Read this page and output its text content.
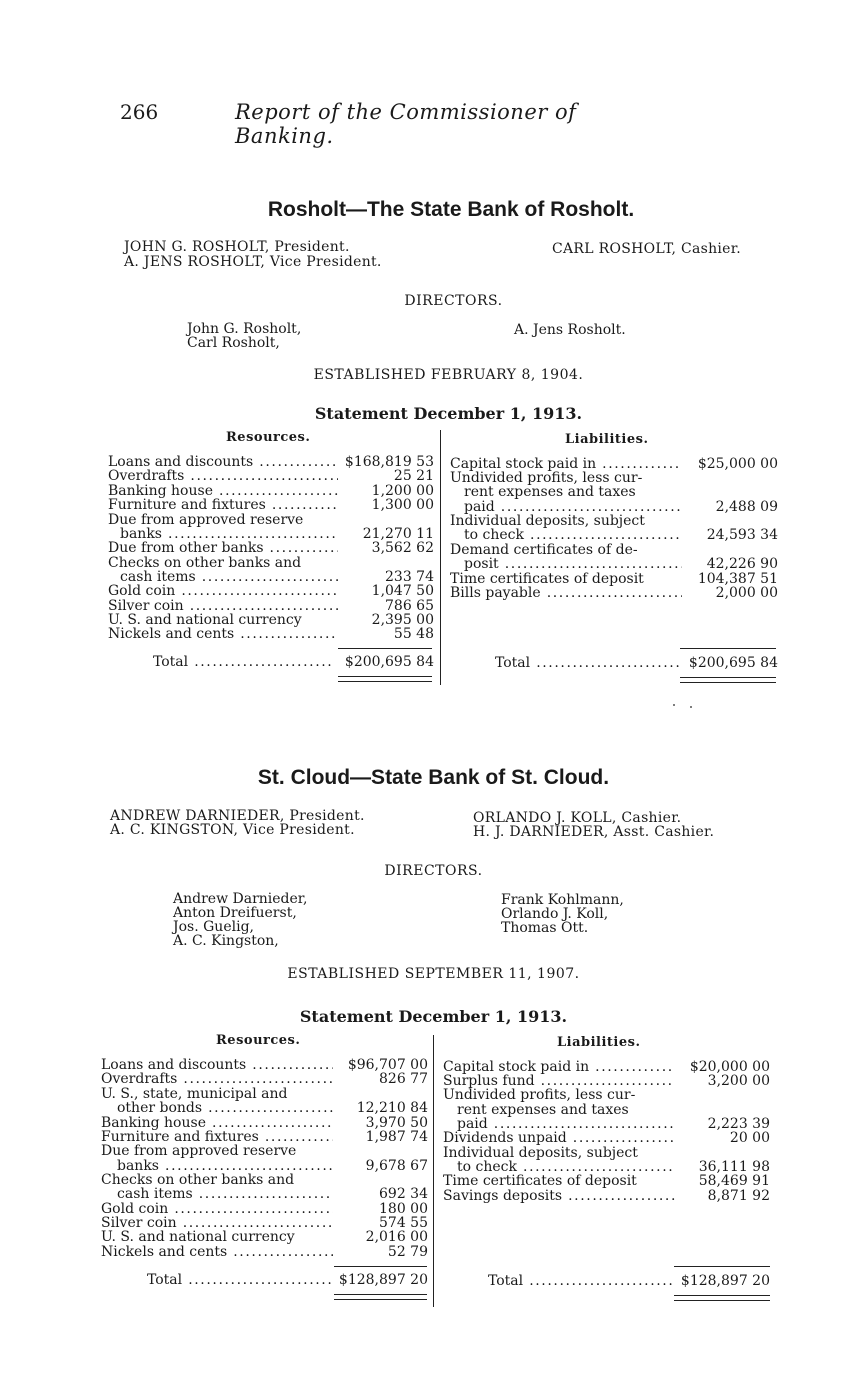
266	Report of the Commissioner of Banking.
Rosholt—The State Bank of Rosholt.
JOHN G. ROSHOLT, President.
A. JENS ROSHOLT, Vice President.
CARL ROSHOLT, Cashier.
DIRECTORS.
John G. Rosholt,
Carl Rosholt,
A. Jens Rosholt.
ESTABLISHED FEBRUARY 8, 1904.
Statement December 1, 1913.
Resources.	Liabilities.
Loans and discounts .....	$168,819 53
Overdrafts .....	25 21
Banking house .....	1,200 00
Furniture and fixtures .....	1,300 00
Due from approved reserve
banks .....	21,270 11
Due from other banks .....	3,562 62
Checks on other banks and
cash items .....	233 74
Gold coin .....	1,047 50
Silver coin .....	786 65
U. S. and national currency	2,395 00
Nickels and cents .....	55 48
Total .....	$200,695 84
Capital stock paid in .....	$25,000 00
Undivided profits, less cur-
rent expenses and taxes
paid .....	2,488 09
Individual deposits, subject
to check .....	24,593 34
Demand certificates of de-
posit .....	42,226 90
Time certificates of deposit	104,387 51
Bills payable .....	2,000 00
Total .....	$200,695 84
St. Cloud—State Bank of St. Cloud.
ANDREW DARNIEDER, President.
A. C. KINGSTON, Vice President.
ORLANDO J. KOLL, Cashier.
H. J. DARNIEDER, Asst. Cashier.
DIRECTORS.
Andrew Darnieder,
Anton Dreifuerst,
Jos. Guelig,
A. C. Kingston,
Frank Kohlmann,
Orlando J. Koll,
Thomas Ott.
ESTABLISHED SEPTEMBER 11, 1907.
Statement December 1, 1913.
Resources.	Liabilities.
Loans and discounts .....	$96,707 00
Overdrafts .....	826 77
U. S., state, municipal and
other bonds .....	12,210 84
Banking house .....	3,970 50
Furniture and fixtures .....	1,987 74
Due from approved reserve
banks .....	9,678 67
Checks on other banks and
cash items .....	692 34
Gold coin .....	180 00
Silver coin .....	574 55
U. S. and national currency	2,016 00
Nickels and cents .....	52 79
Total .....	$128,897 20
Capital stock paid in .....	$20,000 00
Surplus fund .....	3,200 00
Undivided profits, less cur-
rent expenses and taxes
paid .....	2,223 39
Dividends unpaid .....	20 00
Individual deposits, subject
to check .....	36,111 98
Time certificates of deposit	58,469 91
Savings deposits .....	8,871 92
Total .....	$128,897 20
